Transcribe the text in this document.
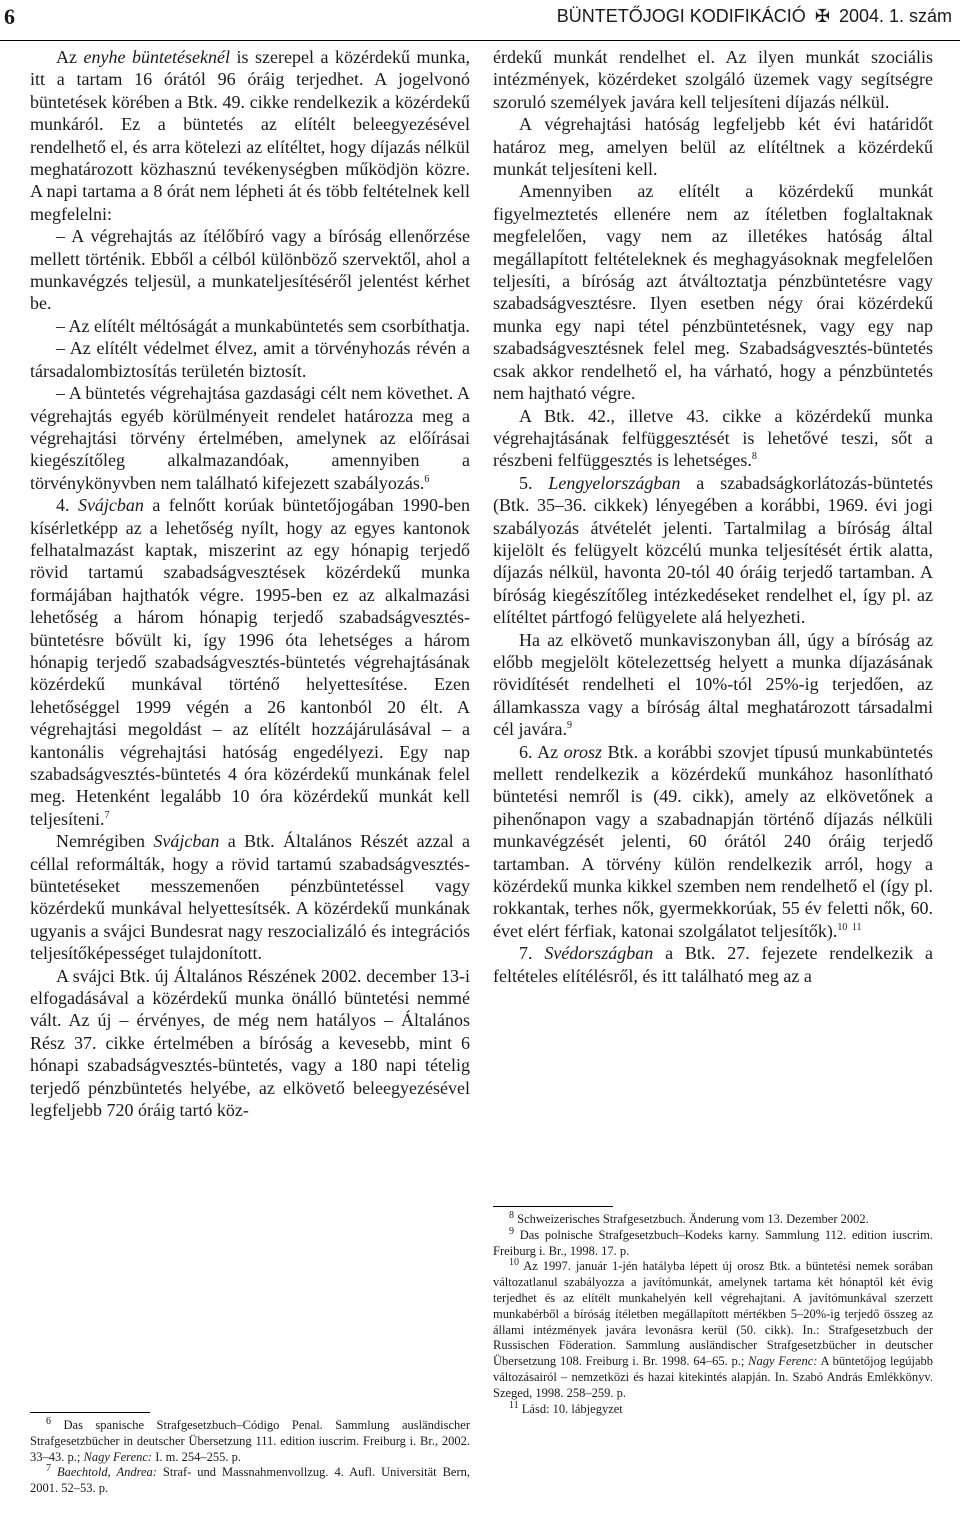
6	BÜNTETŐJOGI KODIFIKÁCIÓ ✠ 2004. 1. szám

Az enyhe büntetéseknél is szerepel a közérdekű munka, itt a tartam 16 órától 96 óráig terjedhet. A jogelvonó büntetések körében a Btk. 49. cikke rendelkezik a közérdekű munkáról. Ez a büntetés az elítélt beleegyezésével rendelhető el, és arra kötelezi az elítéltet, hogy díjazás nélkül meghatározott közhasznú tevékenységben működjön közre. A napi tartama a 8 órát nem lépheti át és több feltételnek kell megfelelni:

– A végrehajtás az ítélőbíró vagy a bíróság ellenőrzése mellett történik. Ebből a célból különböző szervektől, ahol a munkavégzés teljesül, a munkateljesítéséről jelentést kérhet be.

– Az elítélt méltóságát a munkabüntetés sem csorbíthatja.

– Az elítélt védelmet élvez, amit a törvényhozás révén a társadalombiztosítás területén biztosít.

– A büntetés végrehajtása gazdasági célt nem követhet. A végrehajtás egyéb körülményeit rendelet határozza meg a végrehajtási törvény értelmében, amelynek az előírásai kiegészítőleg alkalmazandóak, amennyiben a törvénykönyvben nem található kifejezett szabályozás.$^6$

4. Svájcban a felnőtt korúak büntetőjogában 1990-ben kísérletképp az a lehetőség nyílt, hogy az egyes kantonok felhatalmazást kaptak, miszerint az egy hónapig terjedő rövid tartamú szabadságvesztések közérdekű munka formájában hajthatók végre. 1995-ben ez az alkalmazási lehetőség a három hónapig terjedő szabadságvesztés-büntetésre bővült ki, így 1996 óta lehetséges a három hónapig terjedő szabadságvesztés-büntetés végrehajtásának közérdekű munkával történő helyettesítése. Ezen lehetőséggel 1999 végén a 26 kantonból 20 élt. A végrehajtási megoldást – az elítélt hozzájárulásával – a kantonális végrehajtási hatóság engedélyezi. Egy nap szabadságvesztés-büntetés 4 óra közérdekű munkának felel meg. Hetenként legalább 10 óra közérdekű munkát kell teljesíteni.$^7$

Nemrégiben Svájcban a Btk. Általános Részét azzal a céllal reformálták, hogy a rövid tartamú szabadságvesztés-büntetéseket messzemenően pénzbüntetéssel vagy közérdekű munkával helyettesítsék. A közérdekű munkának ugyanis a svájci Bundesrat nagy reszocializáló és integrációs teljesítőképességet tulajdonított.

A svájci Btk. új Általános Részének 2002. december 13-i elfogadásával a közérdekű munka önálló büntetési nemmé vált. Az új – érvényes, de még nem hatályos – Általános Rész 37. cikke értelmében a bíróság a kevesebb, mint 6 hónapi szabadságvesztés-büntetés, vagy a 180 napi tételig terjedő pénzbüntetés helyébe, az elkövető beleegyezésével legfeljebb 720 óráig tartó köz-

érdekű munkát rendelhet el. Az ilyen munkát szociális intézmények, közérdeket szolgáló üzemek vagy segítségre szoruló személyek javára kell teljesíteni díjazás nélkül.

A végrehajtási hatóság legfeljebb két évi határidőt határoz meg, amelyen belül az elítéltnek a közérdekű munkát teljesíteni kell.

Amennyiben az elítélt a közérdekű munkát figyelmeztetés ellenére nem az ítéletben foglaltaknak megfelelően, vagy nem az illetékes hatóság által megállapított feltételeknek és meghagyásoknak megfelelően teljesíti, a bíróság azt átváltoztatja pénzbüntetésre vagy szabadságvesztésre. Ilyen esetben négy órai közérdekű munka egy napi tétel pénzbüntetésnek, vagy egy nap szabadságvesztésnek felel meg. Szabadságvesztés-büntetés csak akkor rendelhető el, ha várható, hogy a pénzbüntetés nem hajtható végre.

A Btk. 42., illetve 43. cikke a közérdekű munka végrehajtásának felfüggesztését is lehetővé teszi, sőt a részbeni felfüggesztés is lehetséges.$^8$

5. Lengyelországban a szabadságkorlátozás-büntetés (Btk. 35–36. cikkek) lényegében a korábbi, 1969. évi jogi szabályozás átvételét jelenti. Tartalmilag a bíróság által kijelölt és felügyelt közcélú munka teljesítését értik alatta, díjazás nélkül, havonta 20-tól 40 óráig terjedő tartamban. A bíróság kiegészítőleg intézkedéseket rendelhet el, így pl. az elítéltet pártfogó felügyelete alá helyezheti.

Ha az elkövető munkaviszonyban áll, úgy a bíróság az előbb megjelölt kötelezettség helyett a munka díjazásának rövidítését rendelheti el 10%-tól 25%-ig terjedően, az államkassza vagy a bíróság által meghatározott társadalmi cél javára.$^9$

6. Az orosz Btk. a korábbi szovjet típusú munkabüntetés mellett rendelkezik a közérdekű munkához hasonlítható büntetési nemről is (49. cikk), amely az elkövetőnek a pihenőnapon vagy a szabadnapján történő díjazás nélküli munkavégzését jelenti, 60 órától 240 óráig terjedő tartamban. A törvény külön rendelkezik arról, hogy a közérdekű munka kikkel szemben nem rendelhető el (így pl. rokkantak, terhes nők, gyermekkorúak, 55 év feletti nők, 60. évet elért férfiak, katonai szolgálatot teljesítők).$^{10}$ $^{11}$

7. Svédországban a Btk. 27. fejezete rendelkezik a feltételes elítélésről, és itt található meg az a

$^6$ Das spanische Strafgesetzbuch–Código Penal. Sammlung ausländischer Strafgesetzbücher in deutscher Übersetzung 111. edition iuscrim. Freiburg i. Br., 2002. 33–43. p.; Nagy Ferenc: I. m. 254–255. p.

$^7$ Baechtold, Andrea: Straf- und Massnahmenvollzug. 4. Aufl. Universität Bern, 2001. 52–53. p.

$^8$ Schweizerisches Strafgesetzbuch. Änderung vom 13. Dezember 2002.

$^9$ Das polnische Strafgesetzbuch–Kodeks karny. Sammlung 112. edition iuscrim. Freiburg i. Br., 1998. 17. p.

$^{10}$ Az 1997. január 1-jén hatályba lépett új orosz Btk. a büntetési nemek sorában változatlanul szabályozza a javítómunkát, amelynek tartama két hónaptól két évig terjedhet és az elítélt munkahelyén kell végrehajtani. A javítómunkával szerzett munkabérből a bíróság ítéletben megállapított mértékben 5–20%-ig terjedő összeg az állami intézmények javára levonásra kerül (50. cikk). In.: Strafgesetzbuch der Russischen Föderation. Sammlung ausländischer Strafgesetzbücher in deutscher Übersetzung 108. Freiburg i. Br. 1998. 64–65. p.; Nagy Ferenc: A büntetőjog legújabb változásairól – nemzetközi és hazai kitekintés alapján. In. Szabó András Emlékkönyv. Szeged, 1998. 258–259. p.

$^{11}$ Lásd: 10. lábjegyzet
